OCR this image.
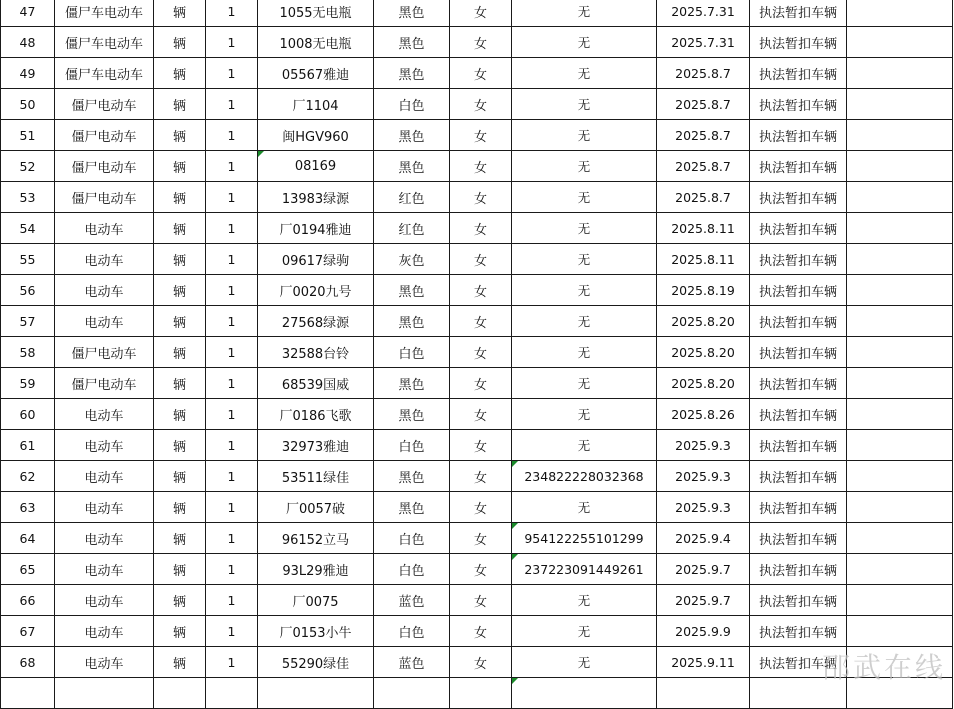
47	僵尸车电动车	辆	1	1055无电瓶	黑色	女	无	2025.7.31	执法暂扣车辆	
48	僵尸车电动车	辆	1	1008无电瓶	黑色	女	无	2025.7.31	执法暂扣车辆	
49	僵尸车电动车	辆	1	05567雅迪	黑色	女	无	2025.8.7	执法暂扣车辆	
50	僵尸电动车	辆	1	厂1104	白色	女	无	2025.8.7	执法暂扣车辆	
51	僵尸电动车	辆	1	闽HGV960	黑色	女	无	2025.8.7	执法暂扣车辆	
52	僵尸电动车	辆	1	08169	黑色	女	无	2025.8.7	执法暂扣车辆	
53	僵尸电动车	辆	1	13983绿源	红色	女	无	2025.8.7	执法暂扣车辆	
54	电动车	辆	1	厂0194雅迪	红色	女	无	2025.8.11	执法暂扣车辆	
55	电动车	辆	1	09617绿驹	灰色	女	无	2025.8.11	执法暂扣车辆	
56	电动车	辆	1	厂0020九号	黑色	女	无	2025.8.19	执法暂扣车辆	
57	电动车	辆	1	27568绿源	黑色	女	无	2025.8.20	执法暂扣车辆	
58	僵尸电动车	辆	1	32588台铃	白色	女	无	2025.8.20	执法暂扣车辆	
59	僵尸电动车	辆	1	68539国威	黑色	女	无	2025.8.20	执法暂扣车辆	
60	电动车	辆	1	厂0186飞歌	黑色	女	无	2025.8.26	执法暂扣车辆	
61	电动车	辆	1	32973雅迪	白色	女	无	2025.9.3	执法暂扣车辆	
62	电动车	辆	1	53511绿佳	黑色	女	234822228032368	2025.9.3	执法暂扣车辆	
63	电动车	辆	1	厂0057破	黑色	女	无	2025.9.3	执法暂扣车辆	
64	电动车	辆	1	96152立马	白色	女	954122255101299	2025.9.4	执法暂扣车辆	
65	电动车	辆	1	93L29雅迪	白色	女	237223091449261	2025.9.7	执法暂扣车辆	
66	电动车	辆	1	厂0075	蓝色	女	无	2025.9.7	执法暂扣车辆	
67	电动车	辆	1	厂0153小牛	白色	女	无	2025.9.9	执法暂扣车辆	
68	电动车	辆	1	55290绿佳	蓝色	女	无	2025.9.11	执法暂扣车辆	

邵武在线
